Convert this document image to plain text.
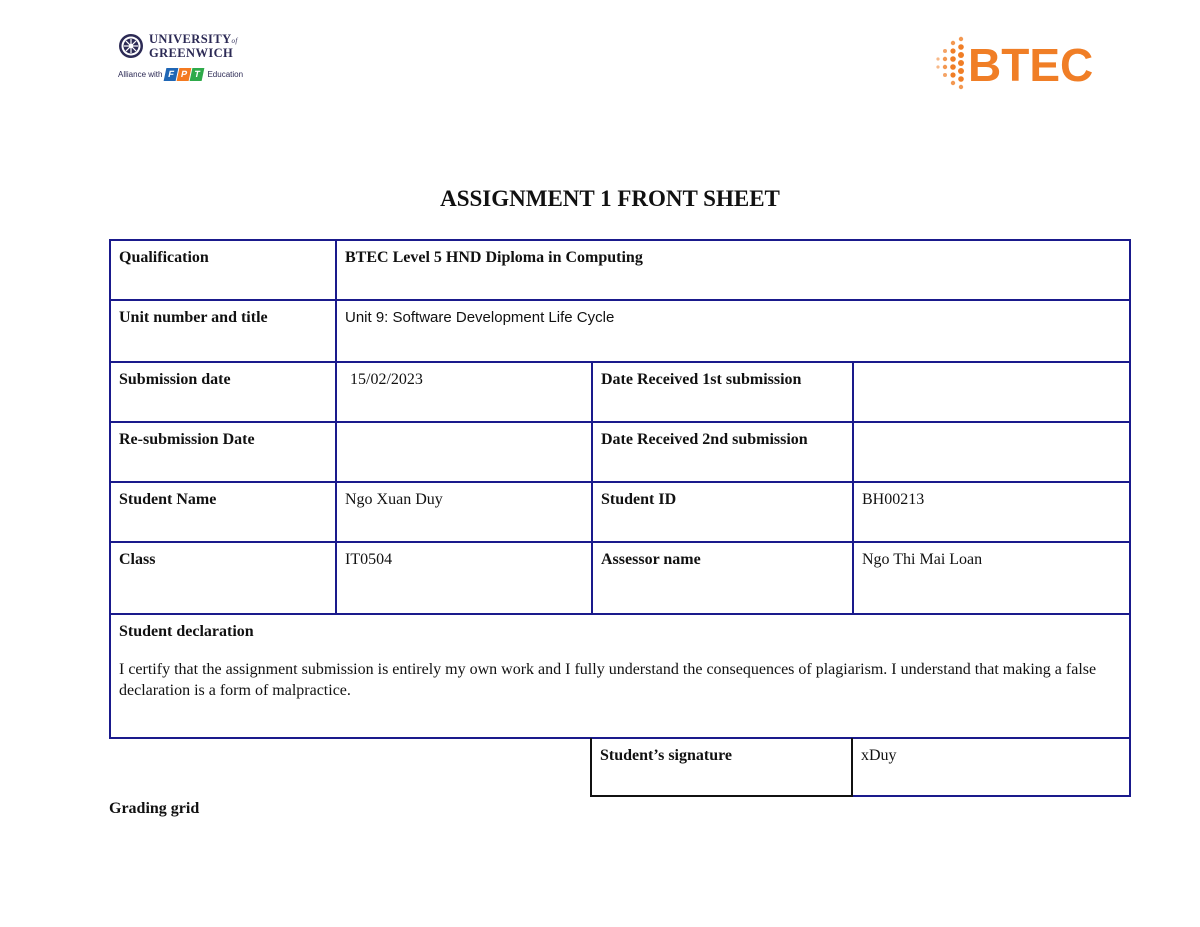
UNIVERSITYof
GREENWICH
Alliance with F P T Education	BTEC
ASSIGNMENT 1 FRONT SHEET
Qualification	BTEC Level 5 HND Diploma in Computing		
Unit number and title	Unit 9: Software Development Life Cycle		
Submission date	15/02/2023	Date Received 1st submission	
Re-submission Date		Date Received 2nd submission	
Student Name	Ngo Xuan Duy	Student ID	BH00213
Class	IT0504	Assessor name	Ngo Thi Mai Loan

Student declaration
I certify that the assignment submission is entirely my own work and I fully understand the consequences of plagiarism. I understand that making a false declaration is a form of malpractice.			
Student’s signature	xDuy
Grading grid
